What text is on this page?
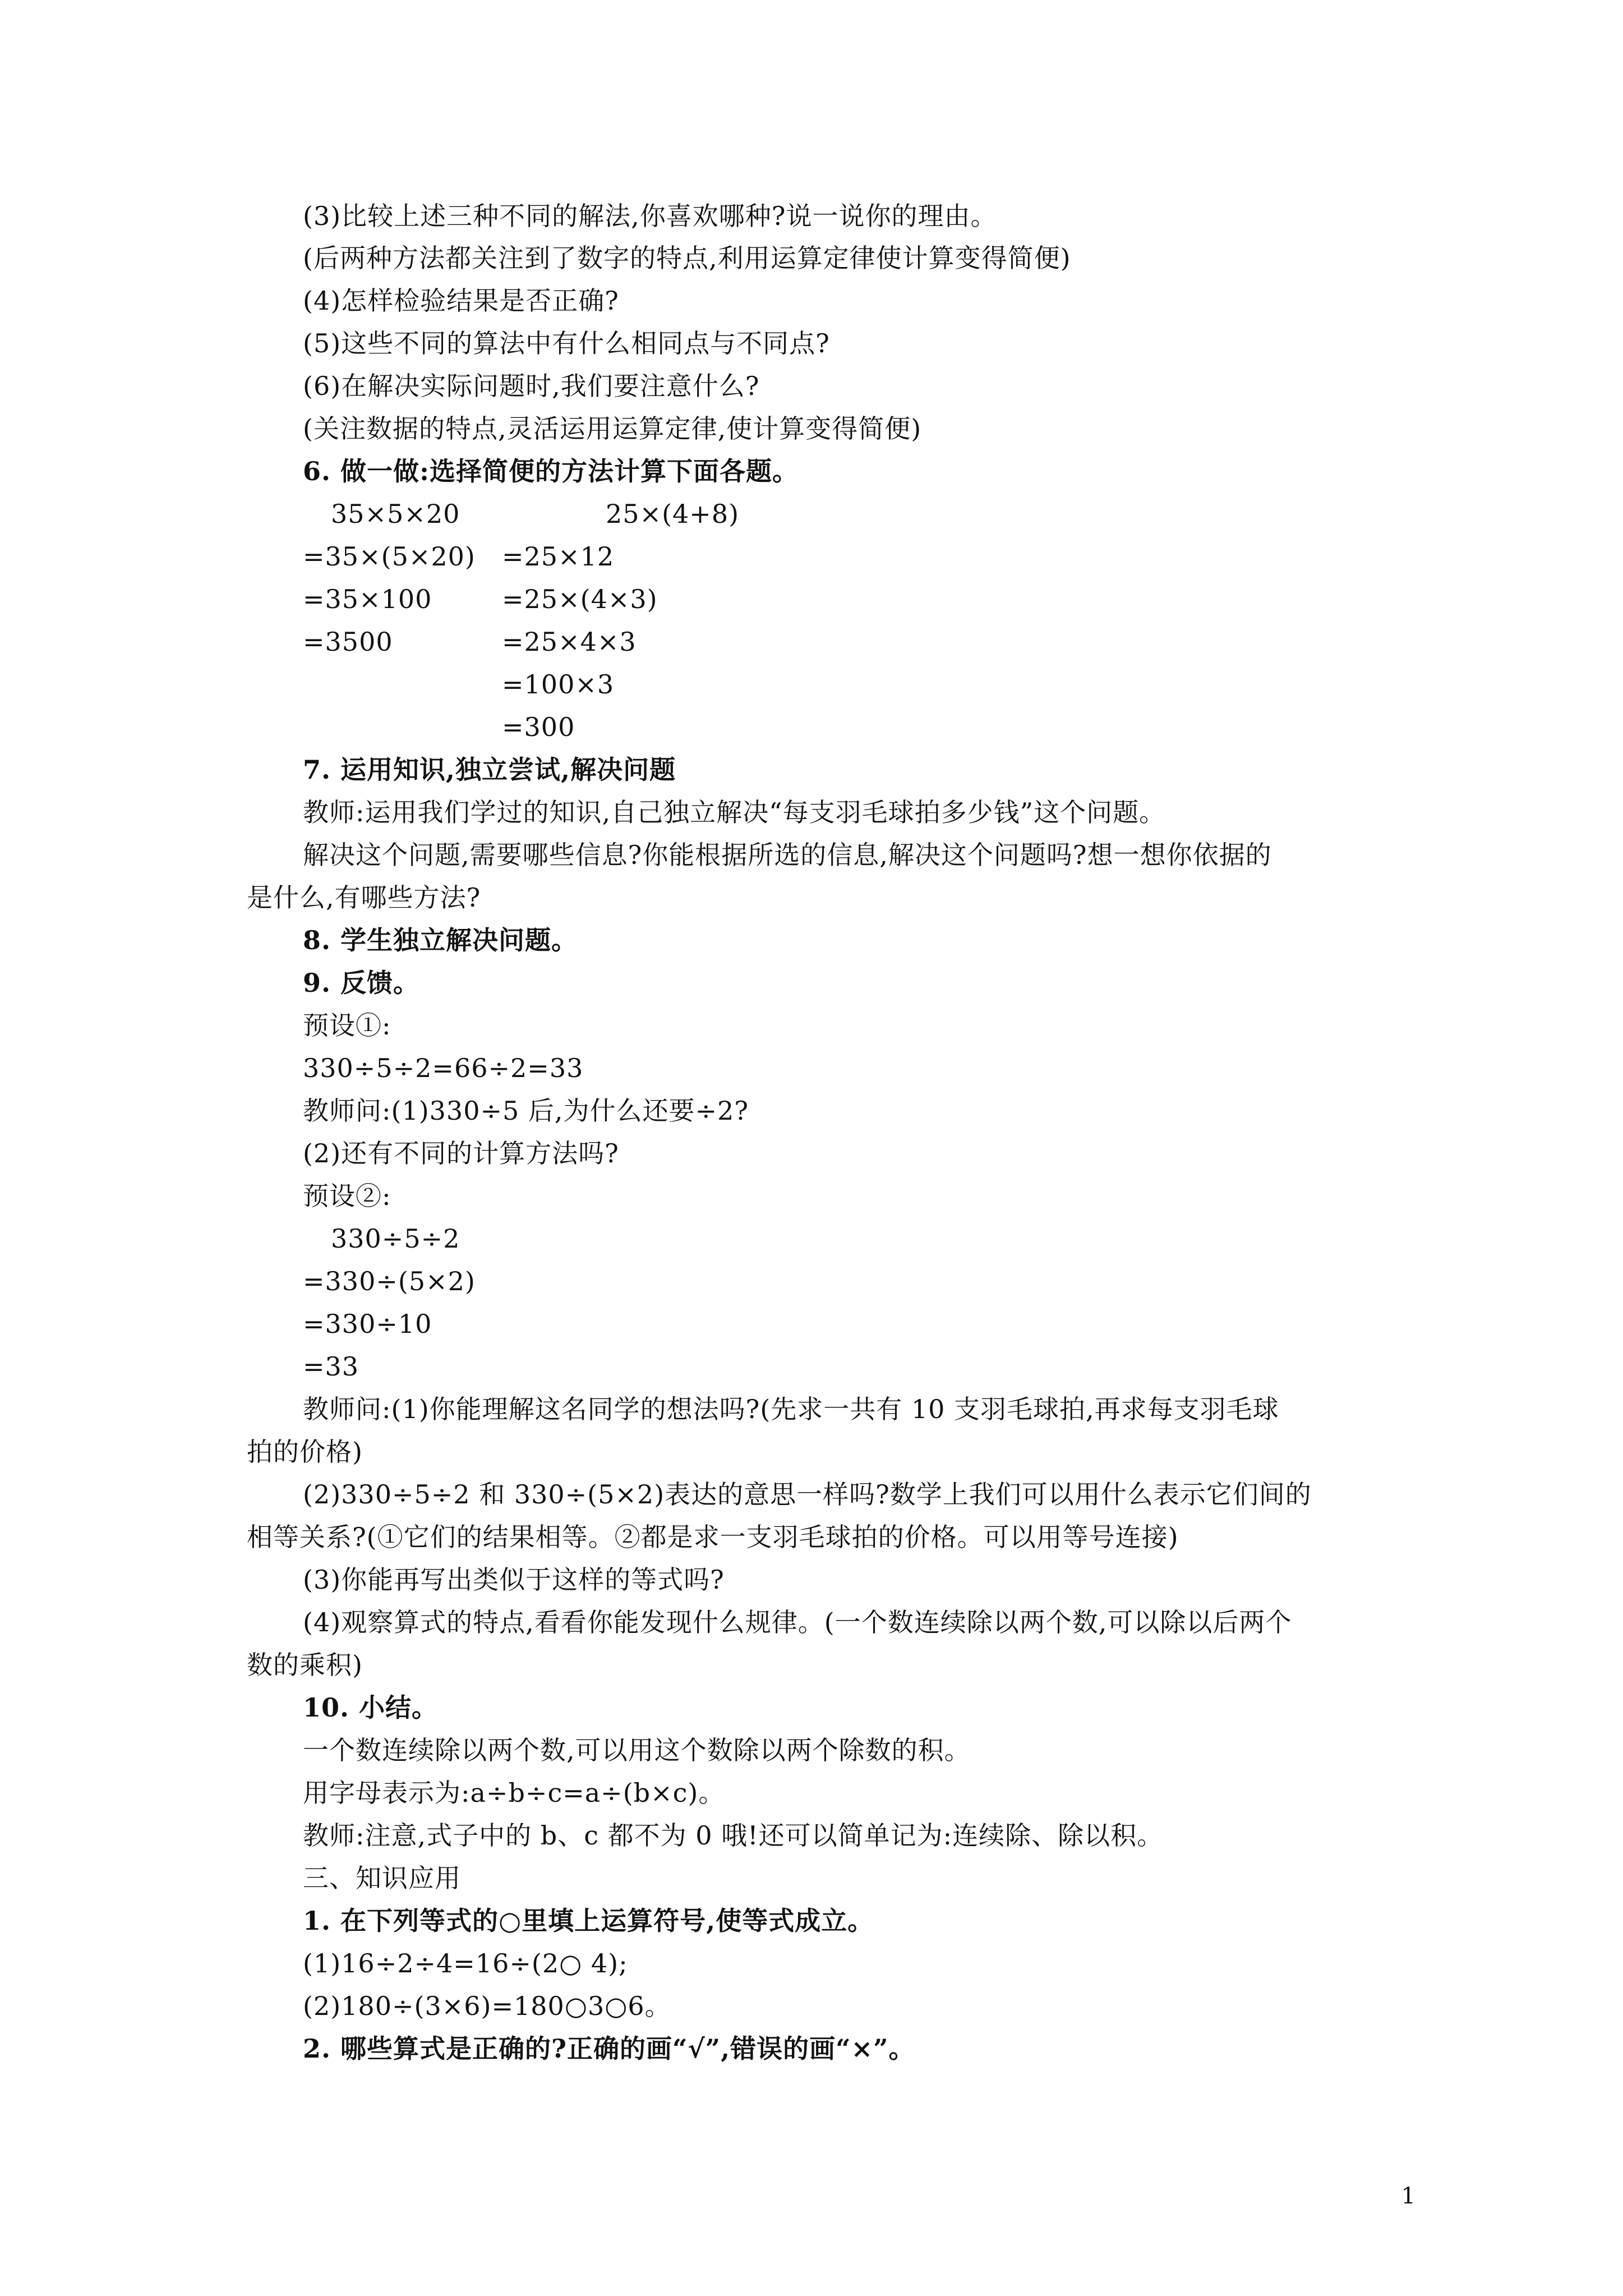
(3)比较上述三种不同的解法,你喜欢哪种?说一说你的理由。
(后两种方法都关注到了数字的特点,利用运算定律使计算变得简便)
(4)怎样检验结果是否正确?
(5)这些不同的算法中有什么相同点与不同点?
(6)在解决实际问题时,我们要注意什么?
(关注数据的特点,灵活运用运算定律,使计算变得简便)
6. 做一做:选择简便的方法计算下面各题。
35×5×20	25×(4+8)
=35×(5×20) =25×12
=35×100	=25×(4×3)
=3500	=25×4×3
=100×3
=300
7. 运用知识,独立尝试,解决问题
教师:运用我们学过的知识,自己独立解决“每支羽毛球拍多少钱”这个问题。
解决这个问题,需要哪些信息?你能根据所选的信息,解决这个问题吗?想一想你依据的
是什么,有哪些方法?
8. 学生独立解决问题。
9. 反馈。
预设①:
330÷5÷2=66÷2=33
教师问:(1)330÷5 后,为什么还要÷2?
(2)还有不同的计算方法吗?
预设②:
330÷5÷2
=330÷(5×2)
=330÷10
=33
教师问:(1)你能理解这名同学的想法吗?(先求一共有 10 支羽毛球拍,再求每支羽毛球
拍的价格)
(2)330÷5÷2 和 330÷(5×2)表达的意思一样吗?数学上我们可以用什么表示它们间的
相等关系?(①它们的结果相等。②都是求一支羽毛球拍的价格。可以用等号连接)
(3)你能再写出类似于这样的等式吗?
(4)观察算式的特点,看看你能发现什么规律。(一个数连续除以两个数,可以除以后两个
数的乘积)
10. 小结。
一个数连续除以两个数,可以用这个数除以两个除数的积。
用字母表示为:a÷b÷c=a÷(b×c)。
教师:注意,式子中的 b、c 都不为 0 哦!还可以简单记为:连续除、除以积。
三、知识应用
1. 在下列等式的○里填上运算符号,使等式成立。
(1)16÷2÷4=16÷(2○ 4);
(2)180÷(3×6)=180○3○6。
2. 哪些算式是正确的?正确的画“√”,错误的画“×”。
1
